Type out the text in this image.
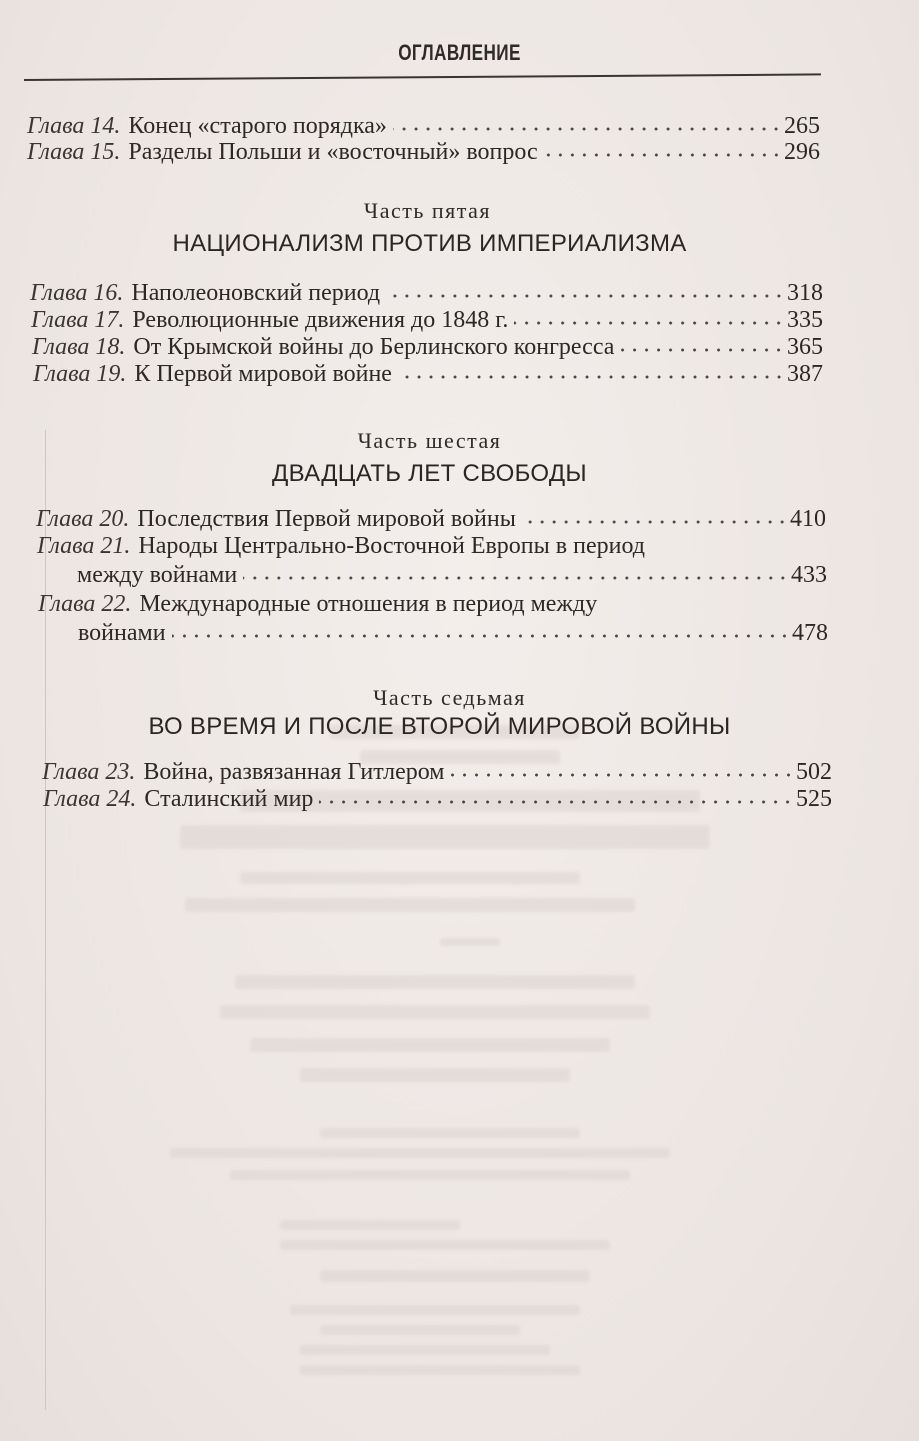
ОГЛАВЛЕНИЕ
Глава 14. Конец «старого порядка»	265
Глава 15. Разделы Польши и «восточный» вопрос	296
Часть пятая
НАЦИОНАЛИЗМ ПРОТИВ ИМПЕРИАЛИЗМА
Глава 16. Наполеоновский период	318
Глава 17. Революционные движения до 1848 г.	335
Глава 18. От Крымской войны до Берлинского конгресса	365
Глава 19. К Первой мировой войне	387
Часть шестая
ДВАДЦАТЬ ЛЕТ СВОБОДЫ
Глава 20. Последствия Первой мировой войны	410
Глава 21. Народы Центрально-Восточной Европы в период
между войнами	433
Глава 22. Международные отношения в период между
войнами	478
Часть седьмая
ВО ВРЕМЯ И ПОСЛЕ ВТОРОЙ МИРОВОЙ ВОЙНЫ
Глава 23. Война, развязанная Гитлером	502
Глава 24. Сталинский мир	525
